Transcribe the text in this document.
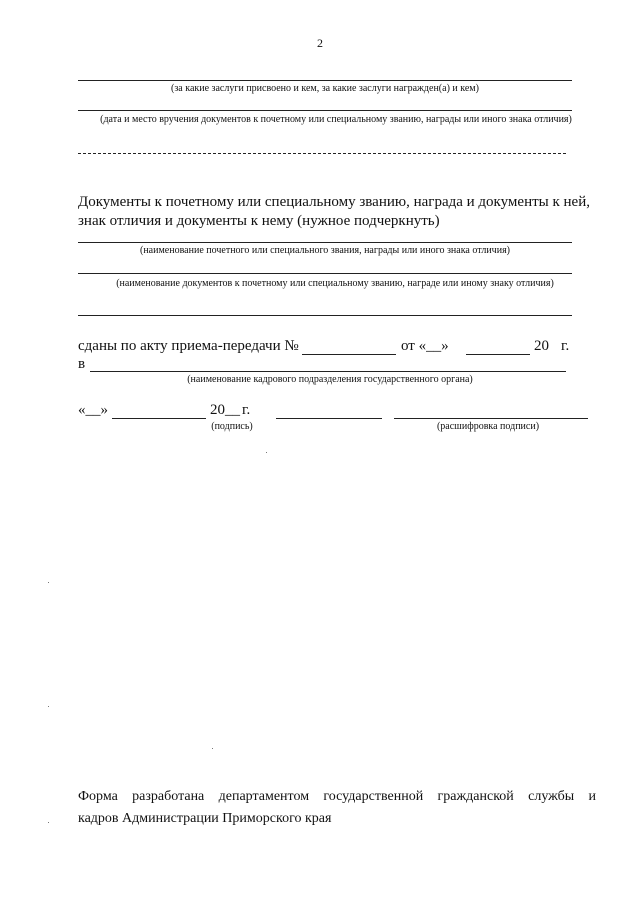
2
(за какие заслуги присвоено и кем, за какие заслуги награжден(а) и кем)
(дата и место вручения документов к почетному или специальному званию, награды или иного знака отличия)
Документы к почетному или специальному званию, награда и документы к ней, знак отличия и документы к нему (нужное подчеркнуть)
(наименование почетного или специального звания, награды или иного знака отличия)
(наименование документов к почетному или специальному званию, награде или иному знаку отличия)
сданы по акту приема-передачи №	от «__»	20 г.
в
(наименование кадрового подразделения государственного органа)
«__»	20__ г.
(подпись)	(расшифровка подписи)
Форма разработана департаментом государственной гражданской службы и
кадров Администрации Приморского края
